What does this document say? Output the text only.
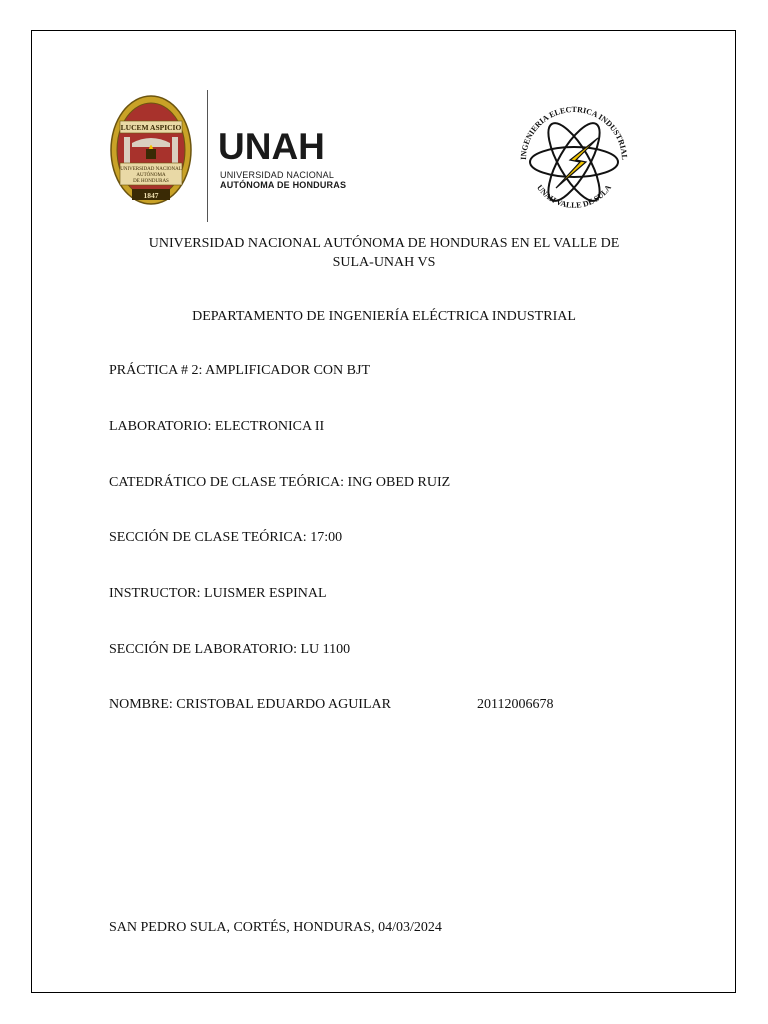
LUCEM ASPICIO
UNIVERSIDAD NACIONAL
AUTÓNOMA
DE HONDURAS
1847
UNAH
UNIVERSIDAD NACIONAL
AUTÓNOMA DE HONDURAS
INGENIERIA ELECTRICA INDUSTRIAL
UNAH VALLE DE SULA
UNIVERSIDAD NACIONAL AUTÓNOMA DE HONDURAS EN EL VALLE DE
SULA-UNAH VS
DEPARTAMENTO DE INGENIERÍA ELÉCTRICA INDUSTRIAL
PRÁCTICA # 2: AMPLIFICADOR CON BJT
LABORATORIO: ELECTRONICA II
CATEDRÁTICO DE CLASE TEÓRICA: ING OBED RUIZ
SECCIÓN DE CLASE TEÓRICA: 17:00
INSTRUCTOR: LUISMER ESPINAL
SECCIÓN DE LABORATORIO: LU 1100
NOMBRE: CRISTOBAL EDUARDO AGUILAR	20112006678
SAN PEDRO SULA, CORTÉS, HONDURAS, 04/03/2024
